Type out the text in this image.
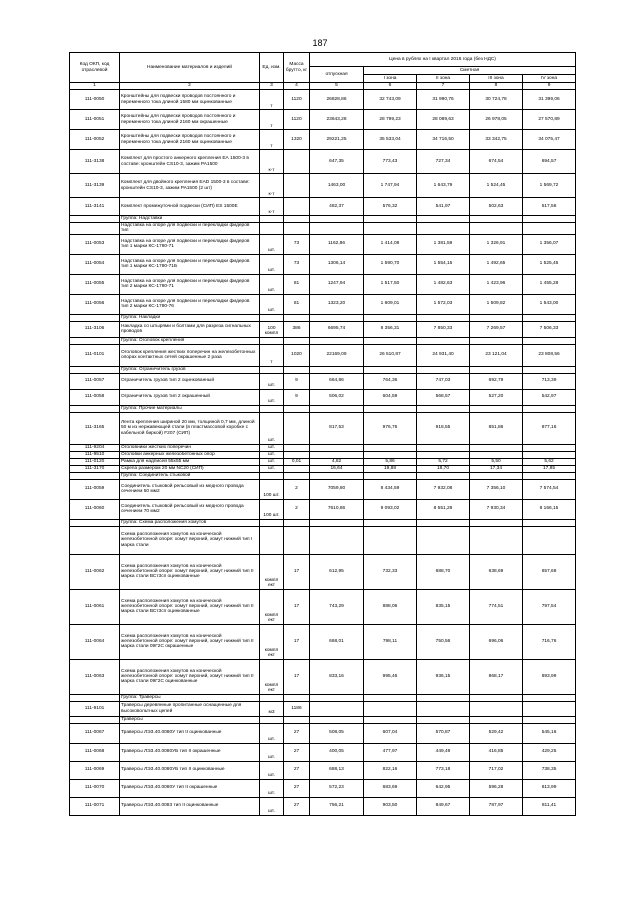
187
Код ОКП, код отраслевой	Наименование материалов и изделий	Ед. изм.	Масса брутто, кг	Цена в рублях на I квартал 2016 года (без НДС)				
				отпускная	Сметная			
					I зона	II зона	III зона	IV зона
1	2	3	4	5	6	7	8	9
111-0050	Кронштейны для подвески проводов постоянного и переменного тока длиной 1580 мм оцинкованные	т	1120	26828,86	32 743,09	31 990,76	30 724,78	31 399,06
111-0051	Кронштейны для подвески проводов постоянного и переменного тока длиной 2160 мм окрашенные	т	1120	23643,28	28 799,23	28 089,63	26 978,05	27 570,89
111-0052	Кронштейны для подвески проводов постоянного и переменного тока длиной 2160 мм оцинкованные	т	1320	29221,25	35 533,04	34 716,50	33 342,75	34 075,47
111-3138	Комплект для простого анкерного крепления ЕА 1500-3 в составе: кронштейн CS10-3, зажим PA1500	к-т		647,35	773,43	727,34	674,54	694,57
111-3139	Комплект для двойного крепления EAD 1500-3 в составе: кронштейн CS10-3, зажим PA1500 (2 шт)	к-т		1463,00	1 747,94	1 643,79	1 524,45	1 569,72
111-3141	Комплект промежуточной подвески (СИП) ES 1500E	к-т		482,37	576,32	541,97	502,63	517,56
	Группа: Надставки							
	Надставка на опоре для подвески и перекладки фидеров тип							
111-0053	Надставка на опоре для подвески и перекладки фидеров тип 1 марки КС-1780-71	шт.	73	1162,86	1 414,08	1 381,59	1 326,91	1 356,07
111-0054	Надставка на опоре для подвески и перекладки фидеров тип 1 марки КС-1780-71Б	шт.	73	1306,14	1 590,70	1 554,15	1 492,65	1 525,45
111-0055	Надставка на опоре для подвески и перекладки фидеров тип 2 марки КС-1780-71	шт.	81	1247,94	1 517,50	1 482,63	1 423,96	1 455,28
111-0056	Надставка на опоре для подвески и перекладки фидеров тип 2 марки КС-1780-76	шт.	81	1323,20	1 609,01	1 572,03	1 509,82	1 543,00
	Группа: Накладки							
111-3106	Накладка со штырями и болтами для разреза сигнальных проводов	100 компл	386	6695,74	8 356,31	7 850,33	7 269,57	7 506,33
	Группа: Оголовок крепления							
111-0101	Оголовок крепления жестких поперечин на железобетонных опорах контактных сетей окрашенные 2 раза	т	1020	22169,09	26 510,87	24 931,40	23 121,04	23 808,56
	Группа: Ограничитель грузов							
111-0057	Ограничитель грузов тип 2 оцинкованный	шт.	9	664,86	764,36	747,03	692,79	713,39
111-0058	Ограничитель грузов тип 2 окрашенный	шт.	9	506,02	604,59	568,57	527,20	542,97
	Группа: Прочие материалы							
111-3165	Лента крепления шириной 20 мм, толщиной 0,7 мм, длиной 50 м из нержавеющей стали (в пластмассовой коробке с кабельной биркой) F207 (СИП)	шт.		817,53	976,76	918,55	851,86	877,16
111-9204	Оголовники жестких поперечин	шт.						
111-9510	Оголовки анкерных железобетонных опор	шт.						
111-0120	Рамка для надписей 55х55 мм	шт.	0,01	4,82	5,86	5,72	5,50	5,62
111-3170	Скрепа размером 20 мм NC20 (СИП)	шт.		16,64	19,88	18,70	17,34	17,85
	Группа: Соединитель стыковой							
111-0059	Соединитель стыковой рельсовый из медного провода сечением 50 мм2	100 шт.	2	7059,80	8 434,59	7 932,08	7 356,10	7 574,54
111-0060	Соединитель стыковой рельсовый из медного провода сечением 70 мм2	100 шт.	2	7610,86	9 093,02	8 551,28	7 930,34	8 166,15
	Группа: Схема расположения хомутов							
	Схема расположения хомутов на конической железобетонной опоре: хомут верхний, хомут нижний тип I марка стали							
111-0062	Схема расположения хомутов на конической железобетонной опоре: хомут верхний, хомут нижний тип II марка стали ВСт3сп оцинкованные	компл ект	17	612,95	732,33	688,70	638,69	657,68
111-0061	Схема расположения хомутов на конической железобетонной опоре: хомут верхний, хомут нижний тип II марка стали ВСт3сп оцинкованные	компл ект	17	743,29	888,06	835,15	774,51	797,54
111-0064	Схема расположения хомутов на конической железобетонной опоре: хомут верхний, хомут нижний тип II марка стали 09Г2С окрашенные	компл ект	17	668,01	798,11	750,56	696,06	716,76
111-0063	Схема расположения хомутов на конической железобетонной опоре: хомут верхний, хомут нижний тип II марка стали 09Г2С оцинкованные	компл ект	17	833,16	995,46	936,15	868,17	893,99
	Группа: Траверсы							
111-9101	Траверсы деревянные пропитанные оснащенные для высоковольтных цепей	м3	1186					
	Траверсы							
111-0067	Траверсы ЛЭЗ.40.0080У тип II оцинкованные	шт.	27	508,05	607,04	570,87	529,42	545,16
111-0068	Траверсы ЛЭЗ.40.0080УБ тип II окрашенные	шт.	27	400,05	477,97	449,49	416,85	429,25
111-0069	Траверсы ЛЭЗ.40.0080УБ тип II оцинкованные	шт.	27	688,13	822,16	773,18	717,02	738,35
111-0070	Траверсы ЛЭЗ.40.0080У тип II окрашенные	шт.	27	572,23	683,69	642,95	596,28	613,99
111-0071	Траверсы ЛЭЗ.40.0083 тип II оцинкованные	шт.	27	756,21	903,50	849,67	787,97	811,41
